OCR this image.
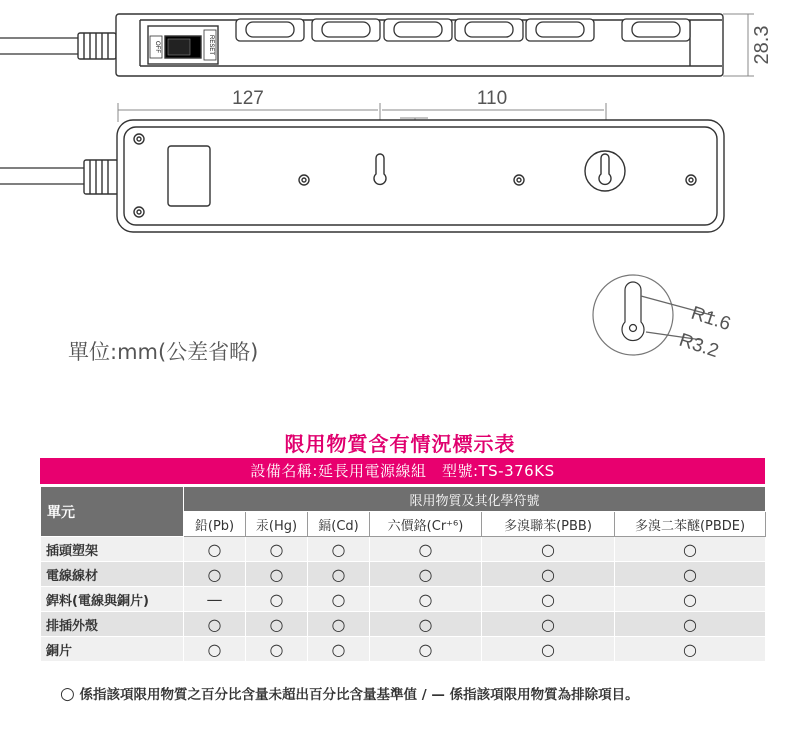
OFF	RESET	28.3
127	110
R1.6
R3.2
單位:mm(公差省略)
限用物質含有情況標示表
設備名稱:延長用電源線組　型號:TS-376KS
單元	限用物質及其化學符號					
	鉛(Pb)	汞(Hg)	鎘(Cd)	六價鉻(Cr⁺⁶)	多溴聯苯(PBB)	多溴二苯醚(PBDE)
插頭塑架	○	○	○	○	○	○
電線線材	○	○	○	○	○	○
銲料(電線與銅片)	—	○	○	○	○	○
排插外殼	○	○	○	○	○	○
銅片	○	○	○	○	○	○
○ 係指該項限用物質之百分比含量未超出百分比含量基準值 / — 係指該項限用物質為排除項目。
